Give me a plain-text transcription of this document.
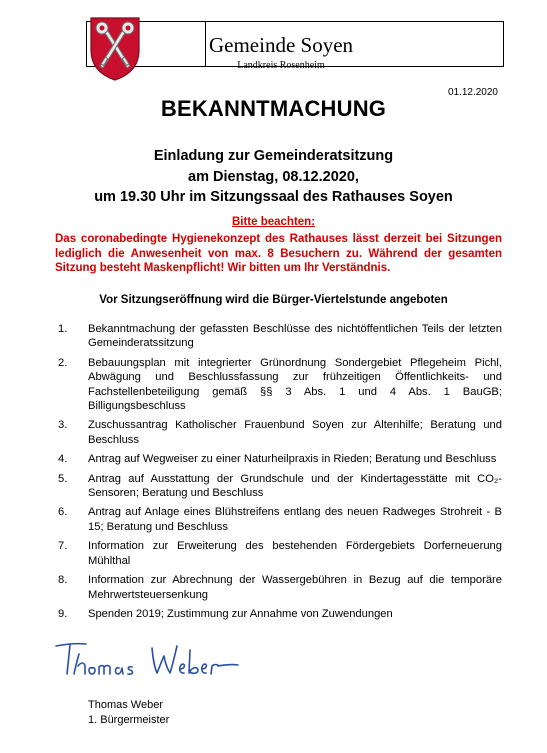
Gemeinde Soyen
Landkreis Rosenheim
01.12.2020
BEKANNTMACHUNG
Einladung zur Gemeinderatsitzung
am Dienstag, 08.12.2020,
um 19.30 Uhr im Sitzungssaal des Rathauses Soyen
Bitte beachten:
Das coronabedingte Hygienekonzept des Rathauses lässt derzeit bei Sitzungen lediglich die Anwesenheit von max. 8 Besuchern zu. Während der gesamten Sitzung besteht Maskenpflicht! Wir bitten um Ihr Verständnis.
Vor Sitzungseröffnung wird die Bürger-Viertelstunde angeboten
1. Bekanntmachung der gefassten Beschlüsse des nichtöffentlichen Teils der letzten Gemeinderatssitzung
2. Bebauungsplan mit integrierter Grünordnung Sondergebiet Pflegeheim Pichl, Abwägung und Beschlussfassung zur frühzeitigen Öffentlichkeits- und Fachstellenbeteiligung gemäß §§ 3 Abs. 1 und 4 Abs. 1 BauGB; Billigungsbeschluss
3. Zuschussantrag Katholischer Frauenbund Soyen zur Altenhilfe; Beratung und Beschluss
4. Antrag auf Wegweiser zu einer Naturheilpraxis in Rieden; Beratung und Beschluss
5. Antrag auf Ausstattung der Grundschule und der Kindertagesstätte mit CO₂-Sensoren; Beratung und Beschluss
6. Antrag auf Anlage eines Blühstreifens entlang des neuen Radweges Strohreit - B 15; Beratung und Beschluss
7. Information zur Erweiterung des bestehenden Fördergebiets Dorferneuerung Mühlthal
8. Information zur Abrechnung der Wassergebühren in Bezug auf die temporäre Mehrwertsteuersenkung
9. Spenden 2019; Zustimmung zur Annahme von Zuwendungen
Thomas Weber
1. Bürgermeister
